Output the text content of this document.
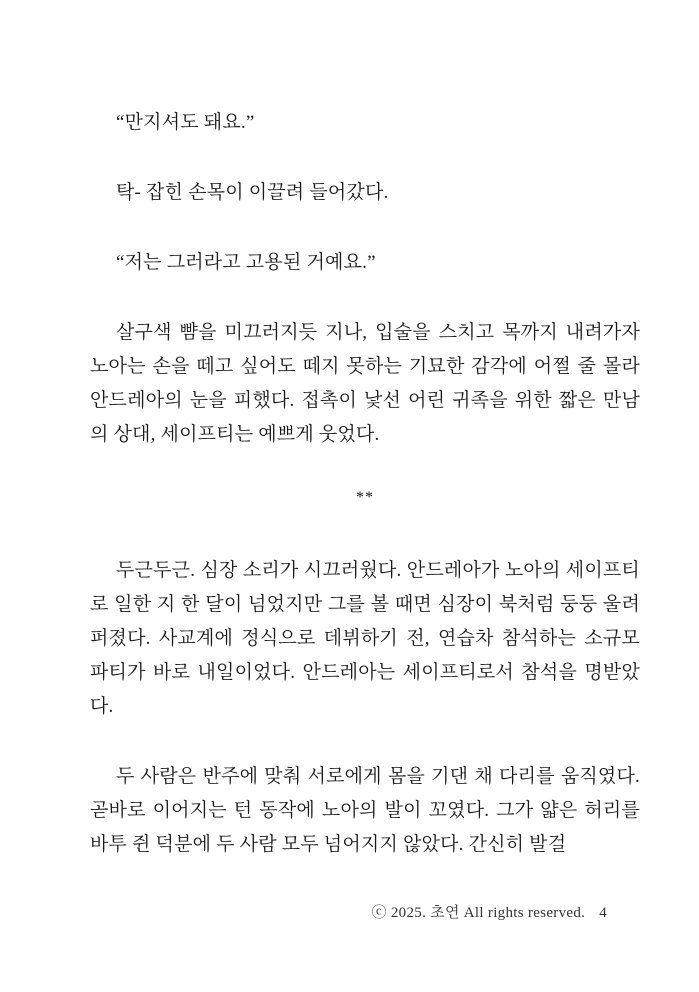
“만지셔도 돼요.”

탁- 잡힌 손목이 이끌려 들어갔다.

“저는 그러라고 고용된 거예요.”

살구색 뺨을 미끄러지듯 지나, 입술을 스치고 목까지 내려가자 노아는 손을 떼고 싶어도 떼지 못하는 기묘한 감각에 어쩔 줄 몰라 안드레아의 눈을 피했다. 접촉이 낯선 어린 귀족을 위한 짧은 만남의 상대, 세이프티는 예쁘게 웃었다.

**

두근두근. 심장 소리가 시끄러웠다. 안드레아가 노아의 세이프티로 일한 지 한 달이 넘었지만 그를 볼 때면 심장이 북처럼 둥둥 울려 퍼졌다. 사교계에 정식으로 데뷔하기 전, 연습차 참석하는 소규모 파티가 바로 내일이었다. 안드레아는 세이프티로서 참석을 명받았다.

두 사람은 반주에 맞춰 서로에게 몸을 기댄 채 다리를 움직였다. 곧바로 이어지는 턴 동작에 노아의 발이 꼬였다. 그가 얇은 허리를 바투 쥔 덕분에 두 사람 모두 넘어지지 않았다. 간신히 발걸

ⓒ 2025. 초연 All rights reserved. 4
